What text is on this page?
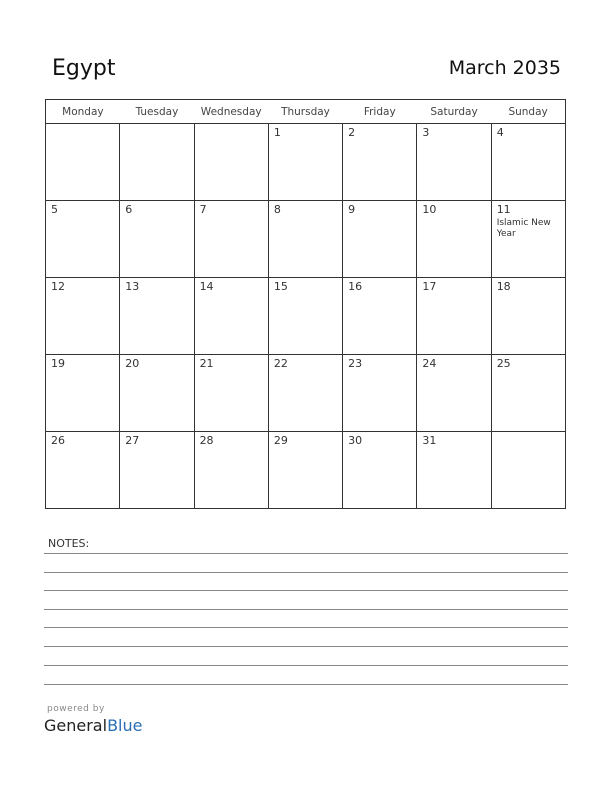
Egypt	March 2035
Monday	Tuesday	Wednesday	Thursday	Friday	Saturday	Sunday

			1	2	3	4

5	6	7	8	9	10	11
Islamic New Year

12	13	14	15	16	17	18

19	20	21	22	23	24	25

26	27	28	29	30	31	

NOTES:
powered by
GeneralBlue
